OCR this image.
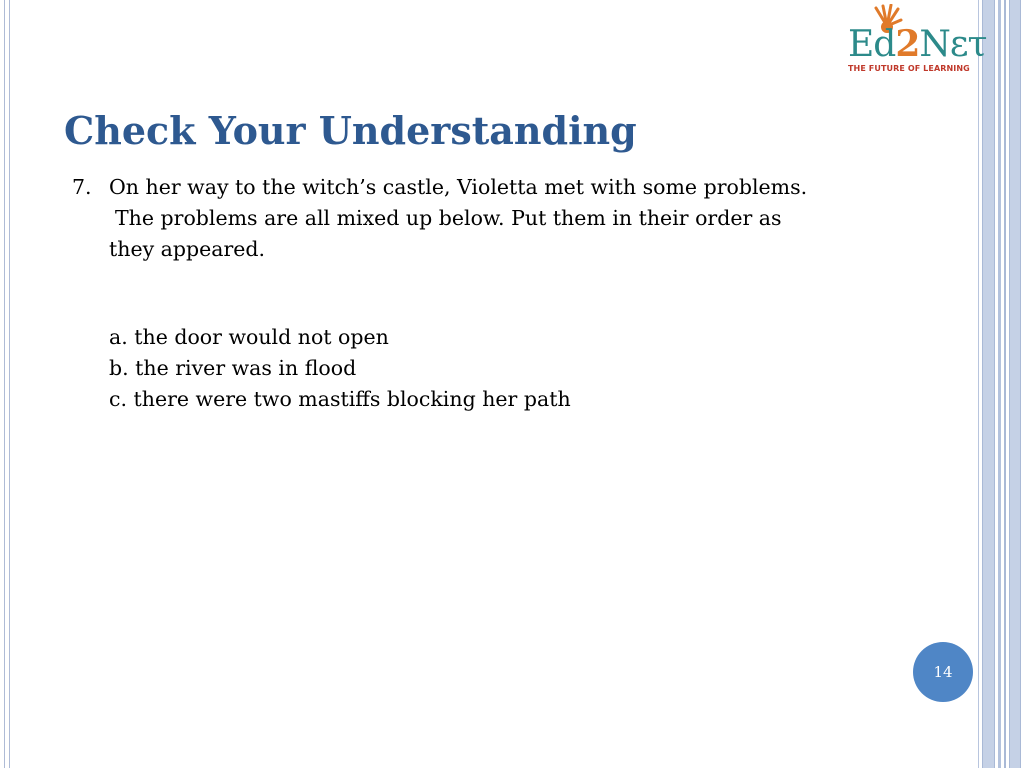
Ed2Nετ
THE FUTURE OF LEARNING
Check Your Understanding
7. On her way to the witch’s castle, Violetta met with some problems.
The problems are all mixed up below. Put them in their order as
they appeared.
a. the door would not open
b. the river was in flood
c. there were two mastiffs blocking her path
14
